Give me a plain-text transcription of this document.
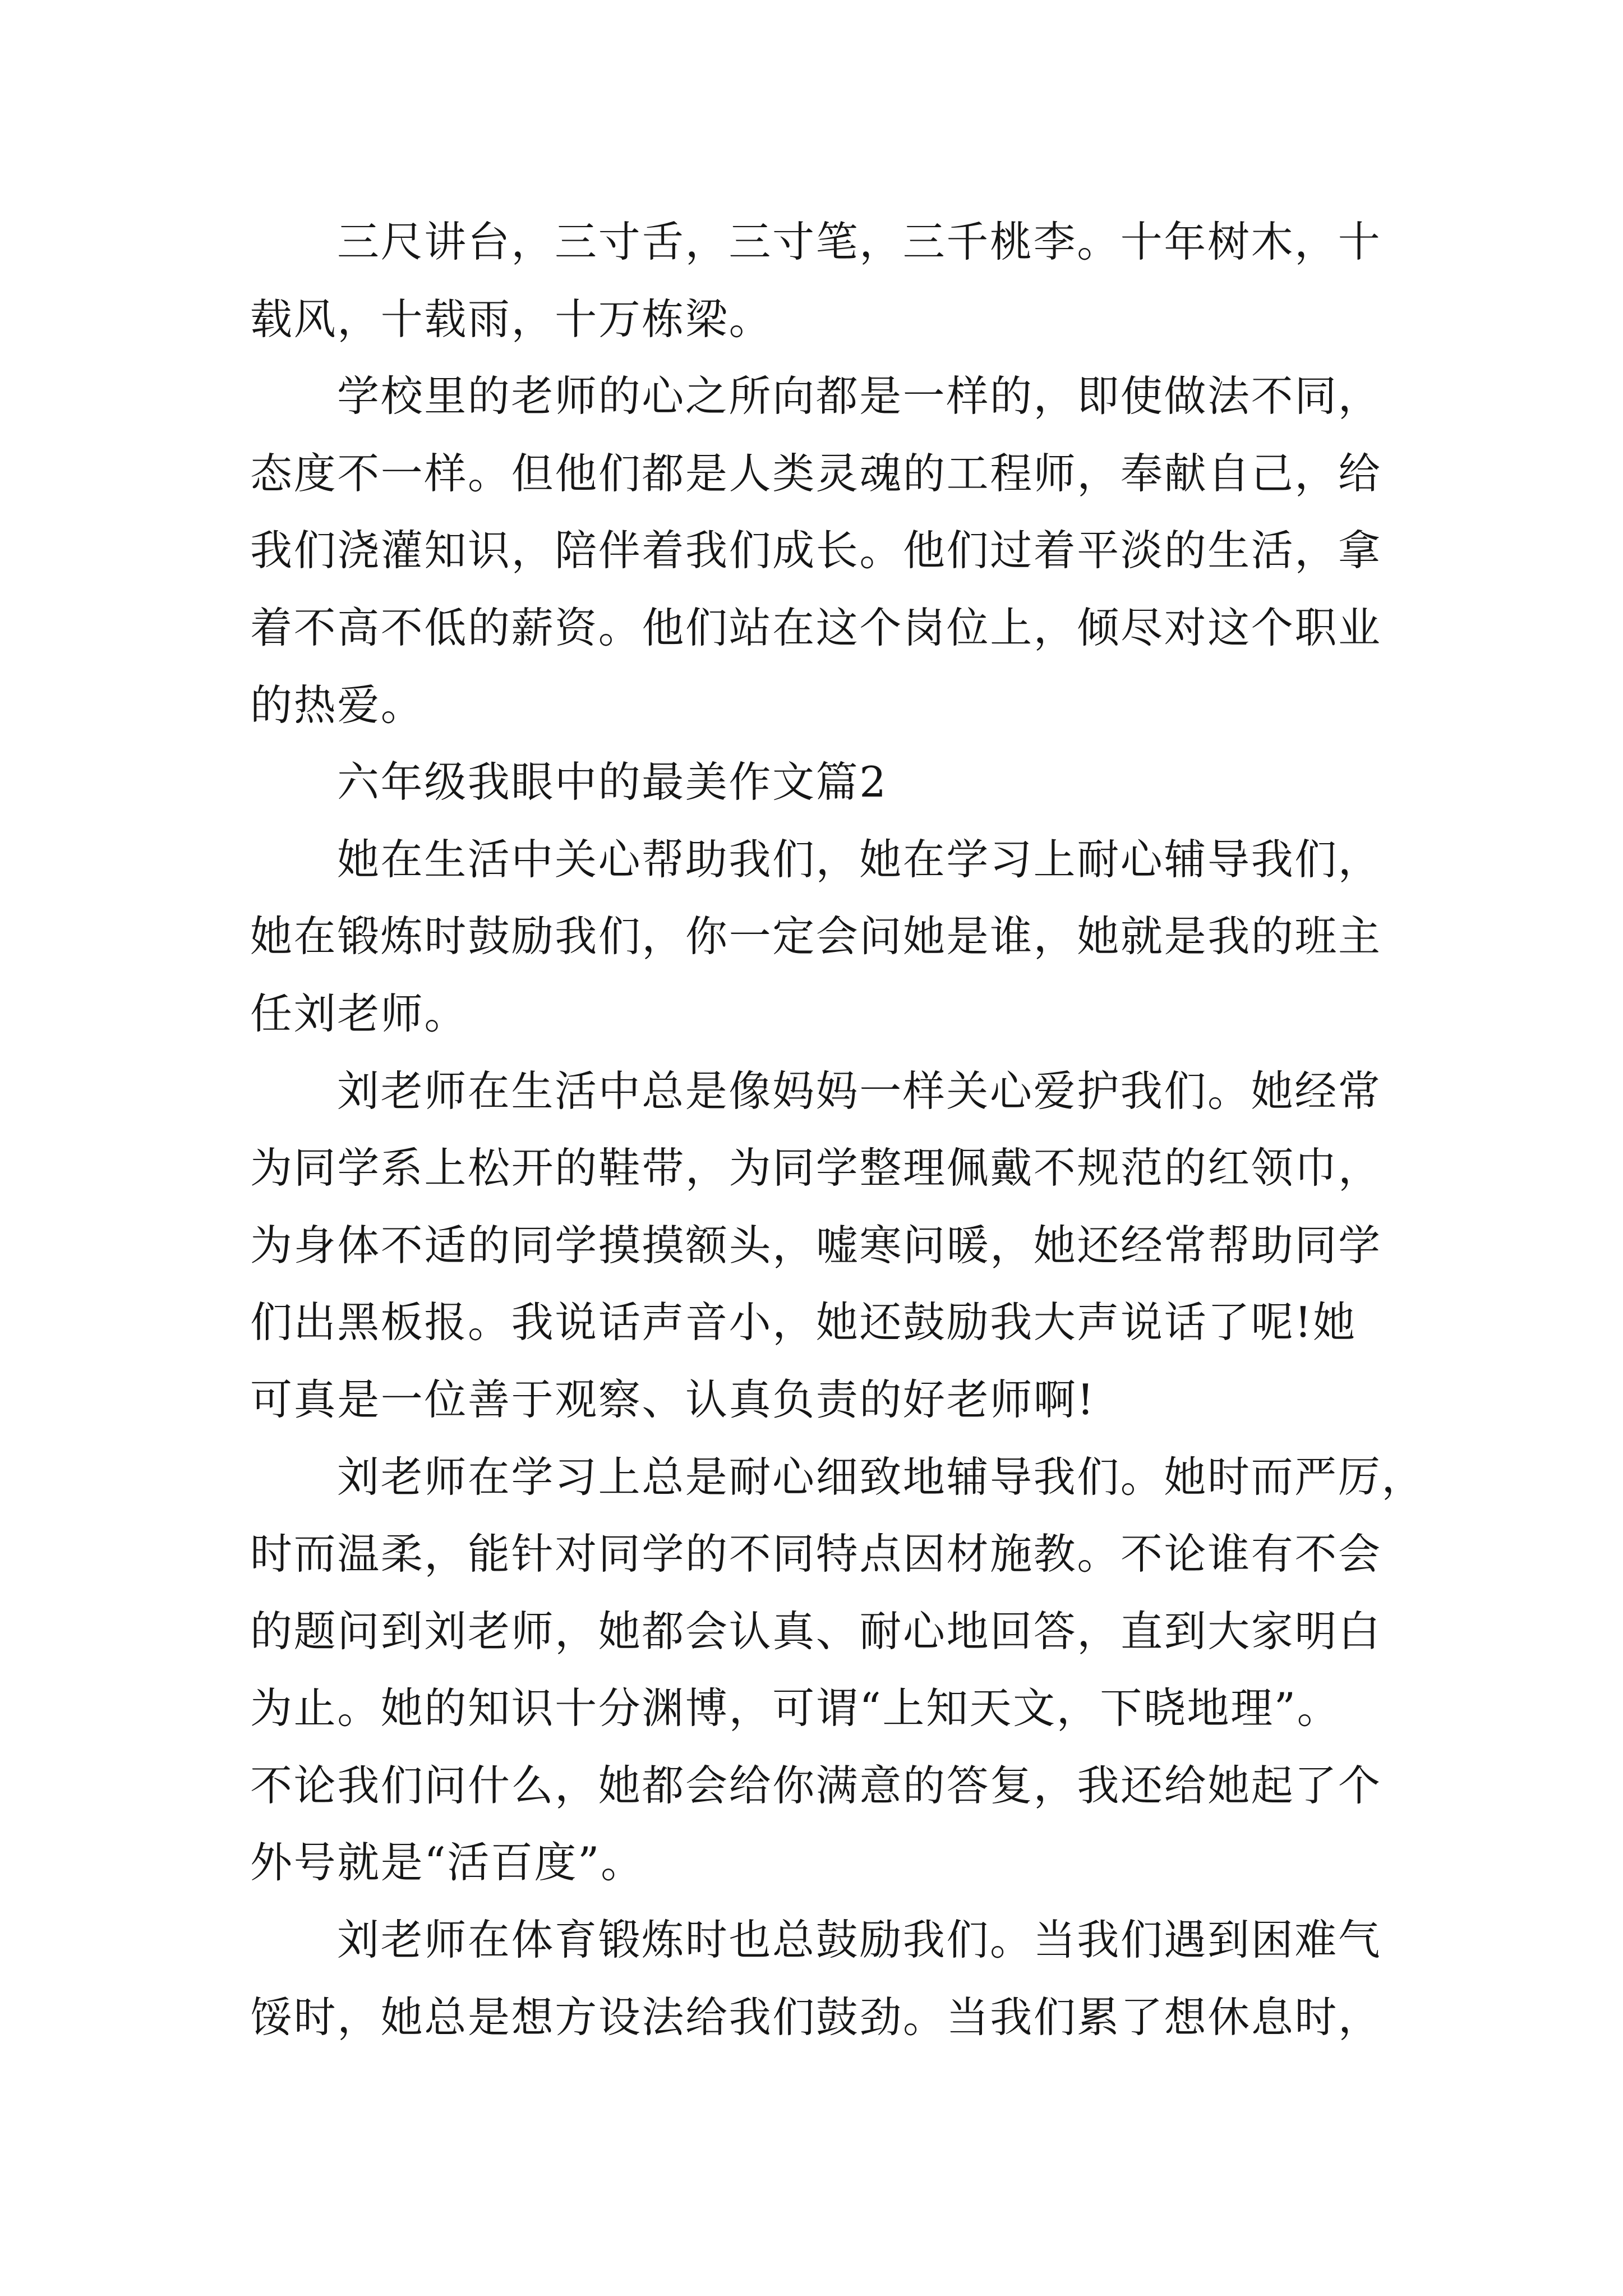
三尺讲台，三寸舌，三寸笔，三千桃李。十年树木，十
载风，十载雨，十万栋梁。
学校里的老师的心之所向都是一样的，即使做法不同，
态度不一样。但他们都是人类灵魂的工程师，奉献自己，给
我们浇灌知识，陪伴着我们成长。他们过着平淡的生活，拿
着不高不低的薪资。他们站在这个岗位上，倾尽对这个职业
的热爱。
六年级我眼中的最美作文篇2
她在生活中关心帮助我们，她在学习上耐心辅导我们，
她在锻炼时鼓励我们，你一定会问她是谁，她就是我的班主
任刘老师。
刘老师在生活中总是像妈妈一样关心爱护我们。她经常
为同学系上松开的鞋带，为同学整理佩戴不规范的红领巾，
为身体不适的同学摸摸额头，嘘寒问暖，她还经常帮助同学
们出黑板报。我说话声音小，她还鼓励我大声说话了呢!她
可真是一位善于观察、认真负责的好老师啊!
刘老师在学习上总是耐心细致地辅导我们。她时而严厉，
时而温柔，能针对同学的不同特点因材施教。不论谁有不会
的题问到刘老师，她都会认真、耐心地回答，直到大家明白
为止。她的知识十分渊博，可谓“上知天文，下晓地理”。
不论我们问什么，她都会给你满意的答复，我还给她起了个
外号就是“活百度”。
刘老师在体育锻炼时也总鼓励我们。当我们遇到困难气
馁时，她总是想方设法给我们鼓劲。当我们累了想休息时，
